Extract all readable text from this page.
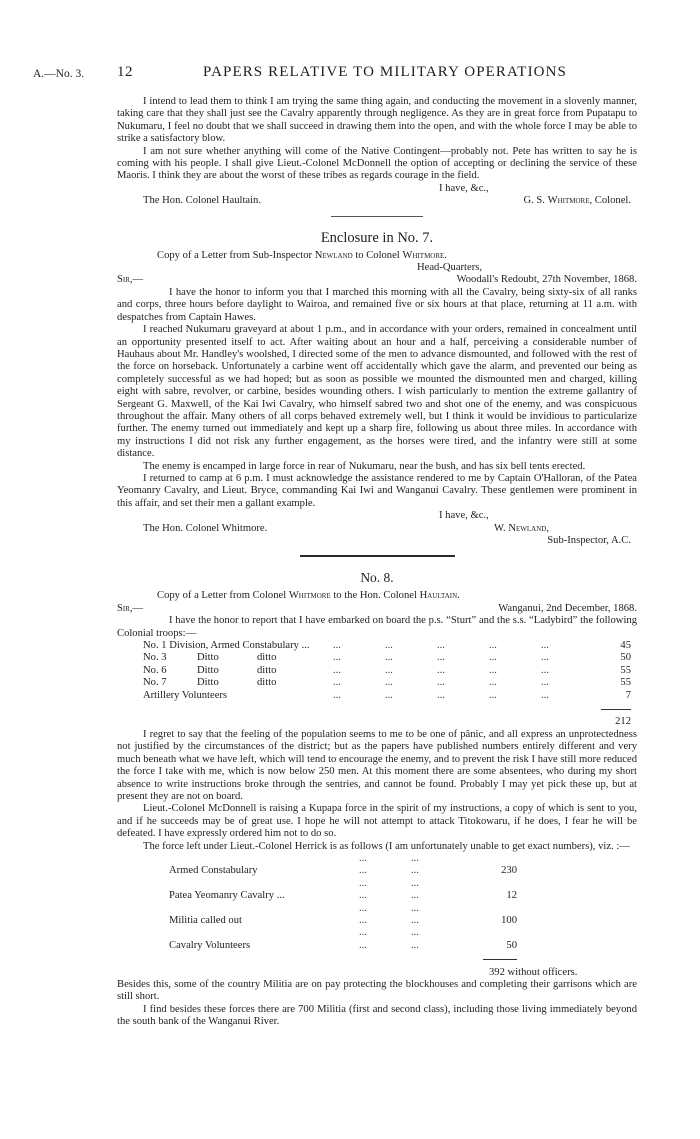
A.—No. 3. 12	PAPERS RELATIVE TO MILITARY OPERATIONS

I intend to lead them to think I am trying the same thing again, and conducting the movement in a slovenly manner, taking care that they shall just see the Cavalry apparently through negligence. As they are in great force from Pupatapu to Nukumaru, I feel no doubt that we shall succeed in drawing them into the open, and with the whole force I may be able to strike a satisfactory blow.

I am not sure whether anything will come of the Native Contingent—probably not. Pete has written to say he is coming with his people. I shall give Lieut.-Colonel McDonnell the option of accepting or declining the service of these Maoris. I think they are about the worst of these tribes as regards courage in the field.

I have, &c.,

The Hon. Colonel Haultain.	G. S. Whitmore, Colonel.
Enclosure in No. 7.

Copy of a Letter from Sub-Inspector Newland to Colonel Whitmore.

Head-Quarters,

Sir,—	Woodall's Redoubt, 27th November, 1868.

I have the honor to inform you that I marched this morning with all the Cavalry, being sixty-six of all ranks and corps, three hours before daylight to Wairoa, and remained five or six hours at that place, returning at 11 a.m. with despatches from Captain Hawes.

I reached Nukumaru graveyard at about 1 p.m., and in accordance with your orders, remained in concealment until an opportunity presented itself to act. After waiting about an hour and a half, perceiving a considerable number of Hauhaus about Mr. Handley's woolshed, I directed some of the men to advance dismounted, and followed with the rest of the force on horseback. Unfortunately a carbine went off accidentally which gave the alarm, and prevented our being as completely successful as we had hoped; but as soon as possible we mounted the dismounted men and charged, killing eight with sabre, revolver, or carbine, besides wounding others. I wish particularly to mention the extreme gallantry of Sergeant G. Maxwell, of the Kai Iwi Cavalry, who himself sabred two and shot one of the enemy, and was conspicuous throughout the affair. Many others of all corps behaved extremely well, but I think it would be invidious to particularize further. The enemy turned out immediately and kept up a sharp fire, following us about three miles. In accordance with my instructions I did not risk any further engagement, as the horses were tired, and the infantry were still at some distance.

The enemy is encamped in large force in rear of Nukumaru, near the bush, and has six bell tents erected.

I returned to camp at 6 p.m. I must acknowledge the assistance rendered to me by Captain O'Halloran, of the Patea Yeomanry Cavalry, and Lieut. Bryce, commanding Kai Iwi and Wanganui Cavalry. These gentlemen were prominent in this affair, and set their men a gallant example.

I have, &c.,

The Hon. Colonel Whitmore.	W. Newland,

Sub-Inspector, A.C.

No. 8.

Copy of a Letter from Colonel Whitmore to the Hon. Colonel Haultain.

Sir,—	Wanganui, 2nd December, 1868.

I have the honor to report that I have embarked on board the p.s. “Sturt” and the s.s. “Ladybird” the following Colonial troops:—

No. 1 Division, Armed Constabulary ...	... ... ... ... ...	45
No. 3 Ditto ditto	... ... ... ... ...	50
No. 6 Ditto ditto	... ... ... ... ...	55
No. 7 Ditto ditto	... ... ... ... ...	55
Artillery Volunteers	... ... ... ... ...	7

		212

I regret to say that the feeling of the population seems to me to be one of pânic, and all express an unprotectedness not justified by the circumstances of the district; but as the papers have published numbers entirely different and very much beneath what we have left, which will tend to encourage the enemy, and to prevent the risk I have still more reduced the force I take with me, which is now below 250 men. At this moment there are some absentees, who during my short absence to write instructions broke through the sentries, and cannot be found. Probably I may yet pick these up, but at present they are not on board.

Lieut.-Colonel McDonnell is raising a Kupapa force in the spirit of my instructions, a copy of which is sent to you, and if he succeeds may be of great use. I hope he will not attempt to attack Titokowaru, if he does, I fear he will be defeated. I have expressly ordered him not to do so.

The force left under Lieut.-Colonel Herrick is as follows (I am unfortunately unable to get exact numbers), viz. :—

Armed Constabulary	... ...... ...	230	
Patea Yeomanry Cavalry ...	... ...... ...	12	
Militia called out	... ...... ...	100	
Cavalry Volunteers	... ...... ...	50	

		392 without officers.	

Besides this, some of the country Militia are on pay protecting the blockhouses and completing their garrisons which are still short.

I find besides these forces there are 700 Militia (first and second class), including those living immediately beyond the south bank of the Wanganui River.
